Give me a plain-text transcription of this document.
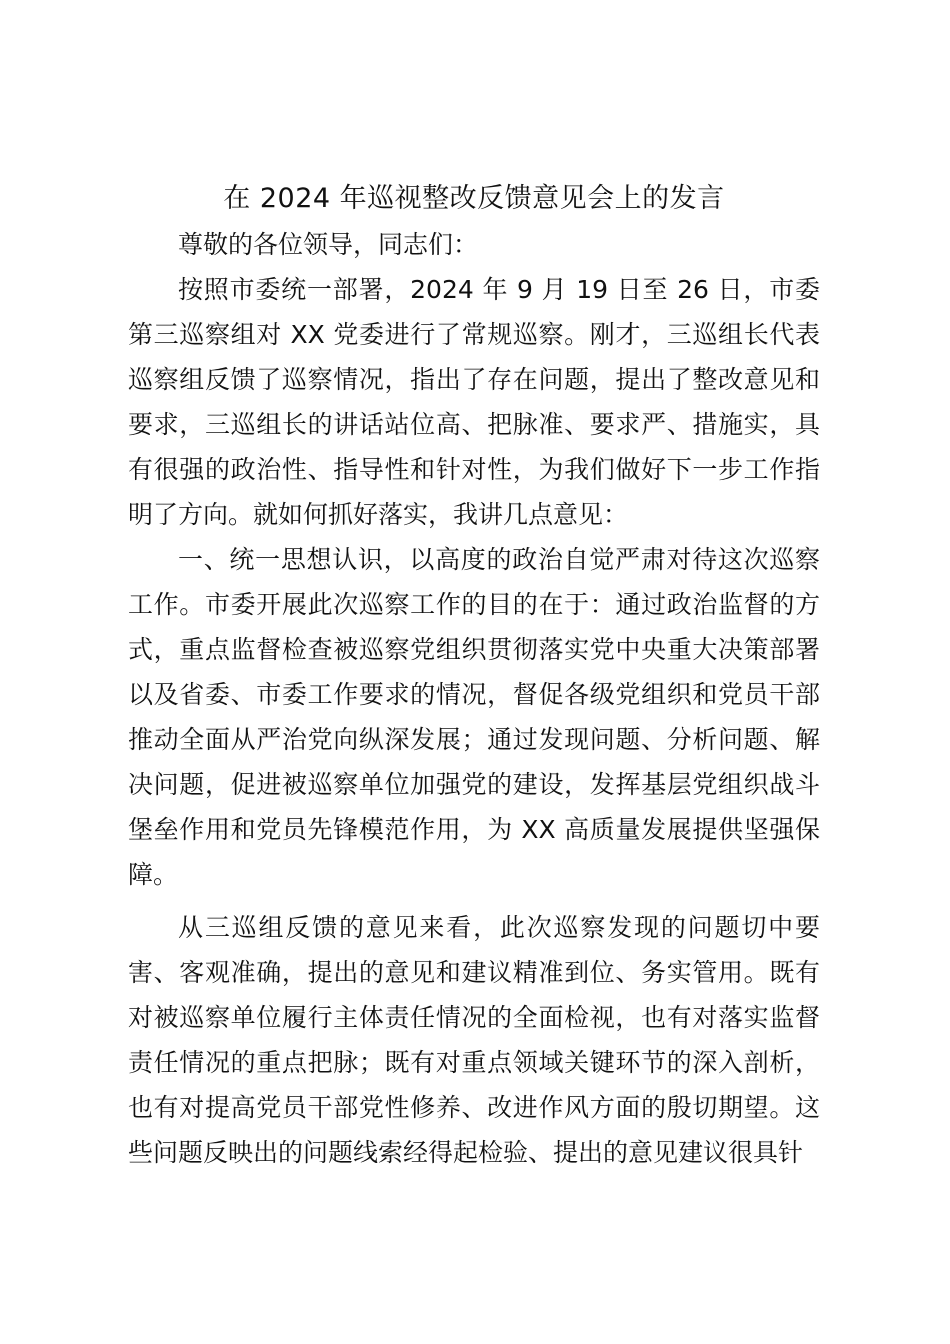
在 2024 年巡视整改反馈意见会上的发言

尊敬的各位领导，同志们：

按照市委统一部署，2024 年 9 月 19 日至 26 日，市委第三巡察组对 XX 党委进行了常规巡察。刚才，三巡组长代表巡察组反馈了巡察情况，指出了存在问题，提出了整改意见和要求，三巡组长的讲话站位高、把脉准、要求严、措施实，具有很强的政治性、指导性和针对性，为我们做好下一步工作指明了方向。就如何抓好落实，我讲几点意见：

一、统一思想认识，以高度的政治自觉严肃对待这次巡察工作。市委开展此次巡察工作的目的在于：通过政治监督的方式，重点监督检查被巡察党组织贯彻落实党中央重大决策部署以及省委、市委工作要求的情况，督促各级党组织和党员干部推动全面从严治党向纵深发展；通过发现问题、分析问题、解决问题，促进被巡察单位加强党的建设，发挥基层党组织战斗堡垒作用和党员先锋模范作用，为 XX 高质量发展提供坚强保障。

从三巡组反馈的意见来看，此次巡察发现的问题切中要害、客观准确，提出的意见和建议精准到位、务实管用。既有对被巡察单位履行主体责任情况的全面检视，也有对落实监督责任情况的重点把脉；既有对重点领域关键环节的深入剖析，也有对提高党员干部党性修养、改进作风方面的殷切期望。这些问题反映出的问题线索经得起检验、提出的意见建议很具针
